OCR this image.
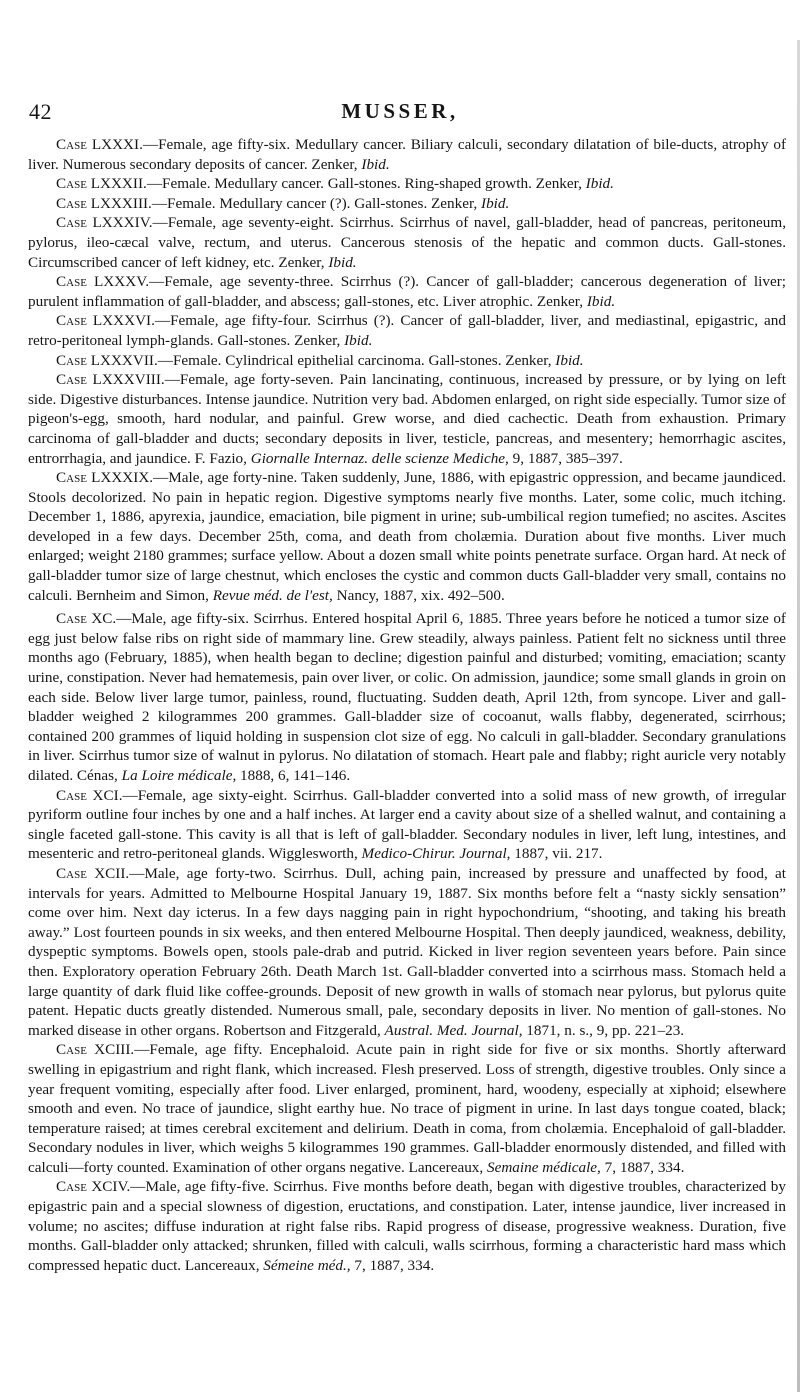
42	MUSSER,

Case LXXXI.—Female, age fifty-six. Medullary cancer. Biliary calculi, secondary dilatation of bile-ducts, atrophy of liver. Numerous secondary deposits of cancer. Zenker, Ibid.

Case LXXXII.—Female. Medullary cancer. Gall-stones. Ring-shaped growth. Zenker, Ibid.

Case LXXXIII.—Female. Medullary cancer (?). Gall-stones. Zenker, Ibid.

Case LXXXIV.—Female, age seventy-eight. Scirrhus. Scirrhus of navel, gall-bladder, head of pancreas, peritoneum, pylorus, ileo-cæcal valve, rectum, and uterus. Cancerous stenosis of the hepatic and common ducts. Gall-stones. Circumscribed cancer of left kidney, etc. Zenker, Ibid.

Case LXXXV.—Female, age seventy-three. Scirrhus (?). Cancer of gall-bladder; cancerous degeneration of liver; purulent inflammation of gall-bladder, and abscess; gall-stones, etc. Liver atrophic. Zenker, Ibid.

Case LXXXVI.—Female, age fifty-four. Scirrhus (?). Cancer of gall-bladder, liver, and mediastinal, epigastric, and retro-peritoneal lymph-glands. Gall-stones. Zenker, Ibid.

Case LXXXVII.—Female. Cylindrical epithelial carcinoma. Gall-stones. Zenker, Ibid.

Case LXXXVIII.—Female, age forty-seven. Pain lancinating, continuous, increased by pressure, or by lying on left side. Digestive disturbances. Intense jaundice. Nutrition very bad. Abdomen enlarged, on right side especially. Tumor size of pigeon's-egg, smooth, hard nodular, and painful. Grew worse, and died cachectic. Death from exhaustion. Primary carcinoma of gall-bladder and ducts; secondary deposits in liver, testicle, pancreas, and mesentery; hemorrhagic ascites, entrorrhagia, and jaundice. F. Fazio, Giornalle Internaz. delle scienze Mediche, 9, 1887, 385–397.

Case LXXXIX.—Male, age forty-nine. Taken suddenly, June, 1886, with epigastric oppression, and became jaundiced. Stools decolorized. No pain in hepatic region. Digestive symptoms nearly five months. Later, some colic, much itching. December 1, 1886, apyrexia, jaundice, emaciation, bile pigment in urine; sub-umbilical region tumefied; no ascites. Ascites developed in a few days. December 25th, coma, and death from cholæmia. Duration about five months. Liver much enlarged; weight 2180 grammes; surface yellow. About a dozen small white points penetrate surface. Organ hard. At neck of gall-bladder tumor size of large chestnut, which encloses the cystic and common ducts Gall-bladder very small, contains no calculi. Bernheim and Simon, Revue méd. de l'est, Nancy, 1887, xix. 492–500.

Case XC.—Male, age fifty-six. Scirrhus. Entered hospital April 6, 1885. Three years before he noticed a tumor size of egg just below false ribs on right side of mammary line. Grew steadily, always painless. Patient felt no sickness until three months ago (February, 1885), when health began to decline; digestion painful and disturbed; vomiting, emaciation; scanty urine, constipation. Never had hematemesis, pain over liver, or colic. On admission, jaundice; some small glands in groin on each side. Below liver large tumor, painless, round, fluctuating. Sudden death, April 12th, from syncope. Liver and gall-bladder weighed 2 kilogrammes 200 grammes. Gall-bladder size of cocoanut, walls flabby, degenerated, scirrhous; contained 200 grammes of liquid holding in suspension clot size of egg. No calculi in gall-bladder. Secondary granulations in liver. Scirrhus tumor size of walnut in pylorus. No dilatation of stomach. Heart pale and flabby; right auricle very notably dilated. Cénas, La Loire médicale, 1888, 6, 141–146.

Case XCI.—Female, age sixty-eight. Scirrhus. Gall-bladder converted into a solid mass of new growth, of irregular pyriform outline four inches by one and a half inches. At larger end a cavity about size of a shelled walnut, and containing a single faceted gall-stone. This cavity is all that is left of gall-bladder. Secondary nodules in liver, left lung, intestines, and mesenteric and retro-peritoneal glands. Wigglesworth, Medico-Chirur. Journal, 1887, vii. 217.

Case XCII.—Male, age forty-two. Scirrhus. Dull, aching pain, increased by pressure and unaffected by food, at intervals for years. Admitted to Melbourne Hospital January 19, 1887. Six months before felt a “nasty sickly sensation” come over him. Next day icterus. In a few days nagging pain in right hypochondrium, “shooting, and taking his breath away.” Lost fourteen pounds in six weeks, and then entered Melbourne Hospital. Then deeply jaundiced, weakness, debility, dyspeptic symptoms. Bowels open, stools pale-drab and putrid. Kicked in liver region seventeen years before. Pain since then. Exploratory operation February 26th. Death March 1st. Gall-bladder converted into a scirrhous mass. Stomach held a large quantity of dark fluid like coffee-grounds. Deposit of new growth in walls of stomach near pylorus, but pylorus quite patent. Hepatic ducts greatly distended. Numerous small, pale, secondary deposits in liver. No mention of gall-stones. No marked disease in other organs. Robertson and Fitzgerald, Austral. Med. Journal, 1871, n. s., 9, pp. 221–23.

Case XCIII.—Female, age fifty. Encephaloid. Acute pain in right side for five or six months. Shortly afterward swelling in epigastrium and right flank, which increased. Flesh preserved. Loss of strength, digestive troubles. Only since a year frequent vomiting, especially after food. Liver enlarged, prominent, hard, woodeny, especially at xiphoid; elsewhere smooth and even. No trace of jaundice, slight earthy hue. No trace of pigment in urine. In last days tongue coated, black; temperature raised; at times cerebral excitement and delirium. Death in coma, from cholæmia. Encephaloid of gall-bladder. Secondary nodules in liver, which weighs 5 kilogrammes 190 grammes. Gall-bladder enormously distended, and filled with calculi—forty counted. Examination of other organs negative. Lancereaux, Semaine médicale, 7, 1887, 334.

Case XCIV.—Male, age fifty-five. Scirrhus. Five months before death, began with digestive troubles, characterized by epigastric pain and a special slowness of digestion, eructations, and constipation. Later, intense jaundice, liver increased in volume; no ascites; diffuse induration at right false ribs. Rapid progress of disease, progressive weakness. Duration, five months. Gall-bladder only attacked; shrunken, filled with calculi, walls scirrhous, forming a characteristic hard mass which compressed hepatic duct. Lancereaux, Sémeine méd., 7, 1887, 334.
